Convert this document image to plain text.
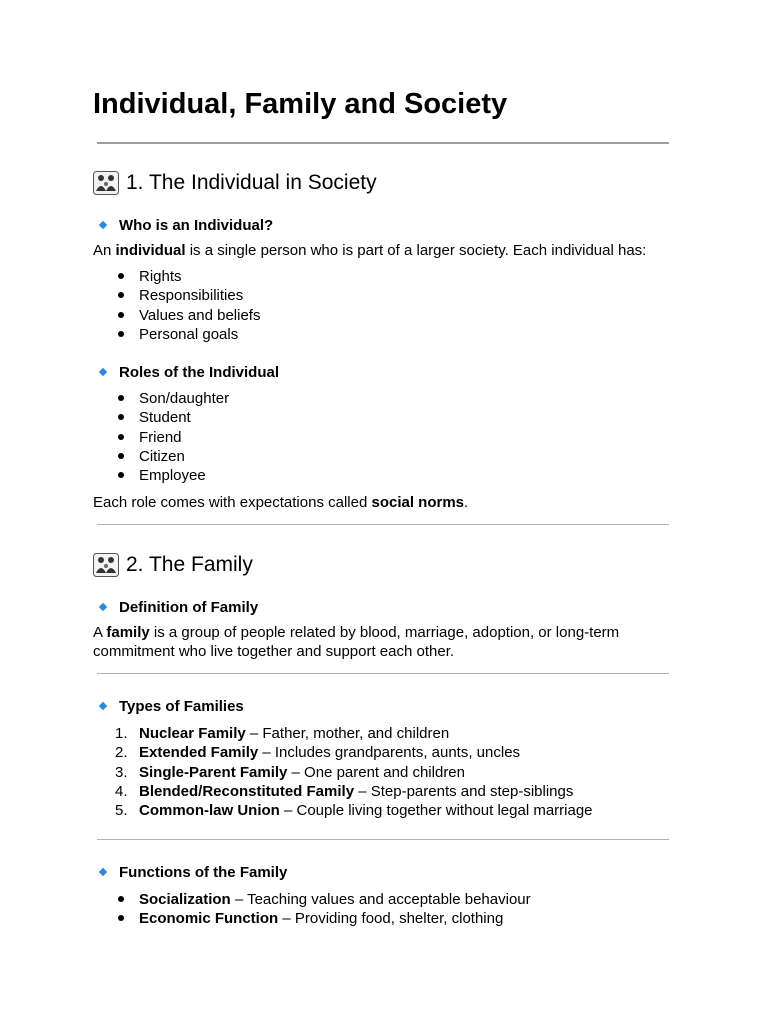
Individual, Family and Society
1. The Individual in Society
Who is an Individual?
An individual is a single person who is part of a larger society. Each individual has:
Rights
Responsibilities
Values and beliefs
Personal goals
Roles of the Individual
Son/daughter
Student
Friend
Citizen
Employee
Each role comes with expectations called social norms.
2. The Family
Definition of Family
A family is a group of people related by blood, marriage, adoption, or long-term
commitment who live together and support each other.
Types of Families
1. Nuclear Family – Father, mother, and children
2. Extended Family – Includes grandparents, aunts, uncles
3. Single-Parent Family – One parent and children
4. Blended/Reconstituted Family – Step-parents and step-siblings
5. Common-law Union – Couple living together without legal marriage
Functions of the Family
Socialization – Teaching values and acceptable behaviour
Economic Function – Providing food, shelter, clothing
